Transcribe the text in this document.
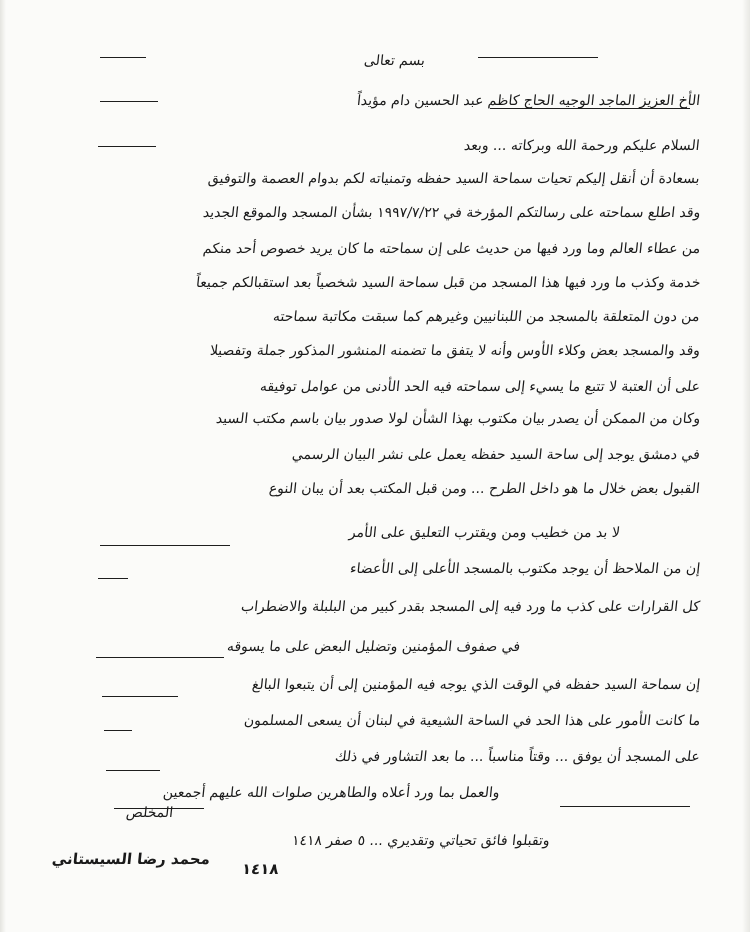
بسم تعالى
الأخ العزيز الماجد الوجيه الحاج كاظم عبد الحسين دام مؤيداً
السلام عليكم ورحمة الله وبركاته ... وبعد
بسعادة أن أنقل إليكم تحيات سماحة السيد حفظه وتمنياته لكم بدوام العصمة والتوفيق
وقد اطلع سماحته على رسالتكم المؤرخة في ١٩٩٧/٧/٢٢ بشأن المسجد والموقع الجديد
من عطاء العالم وما ورد فيها من حديث على إن سماحته ما كان يريد خصوص أحد منكم
خدمة وكذب ما ورد فيها هذا المسجد من قبل سماحة السيد شخصياً بعد استقبالكم جميعاً
من دون المتعلقة بالمسجد من اللبنانيين وغيرهم كما سبقت مكاتبة سماحته
وقد والمسجد بعض وكلاء الأوس وأنه لا يتفق ما تضمنه المنشور المذكور جملة وتفصيلا
على أن العتبة لا تتبع ما يسيء إلى سماحته فيه الحد الأدنى من عوامل توفيقه
وكان من الممكن أن يصدر بيان مكتوب بهذا الشأن لولا صدور بيان باسم مكتب السيد
في دمشق يوجد إلى ساحة السيد حفظه يعمل على نشر البيان الرسمي
القبول بعض خلال ما هو داخل الطرح ... ومن قبل المكتب بعد أن يبان النوع
لا بد من خطيب ومن ويقترب التعليق على الأمر
إن من الملاحظ أن يوجد مكتوب بالمسجد الأعلى إلى الأعضاء
كل القرارات على كذب ما ورد فيه إلى المسجد بقدر كبير من البلبلة والاضطراب
في صفوف المؤمنين وتضليل البعض على ما يسوقه
إن سماحة السيد حفظه في الوقت الذي يوجه فيه المؤمنين إلى أن يتبعوا البالغ
ما كانت الأمور على هذا الحد في الساحة الشيعية في لبنان أن يسعى المسلمون
على المسجد أن يوفق ... وقتاً مناسباً ... ما بعد التشاور في ذلك
والعمل بما ورد أعلاه والطاهرين صلوات الله عليهم أجمعين
المخلص
وتقبلوا فائق تحياتي وتقديري ... ٥ صفر ١٤١٨
١٤١٨
محمد رضا السيستاني
